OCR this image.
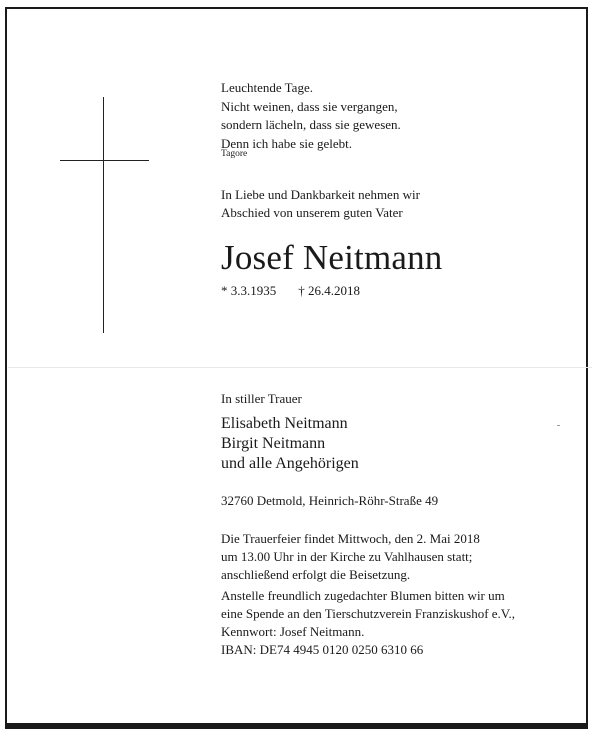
Leuchtende Tage.
Nicht weinen, dass sie vergangen,
sondern lächeln, dass sie gewesen.
Denn ich habe sie gelebt.
Tagore
In Liebe und Dankbarkeit nehmen wir
Abschied von unserem guten Vater
Josef Neitmann
* 3.3.1935 † 26.4.2018
In stiller Trauer
Elisabeth Neitmann
Birgit Neitmann
und alle Angehörigen
32760 Detmold, Heinrich-Röhr-Straße 49
Die Trauerfeier findet Mittwoch, den 2. Mai 2018
um 13.00 Uhr in der Kirche zu Vahlhausen statt;
anschließend erfolgt die Beisetzung.
Anstelle freundlich zugedachter Blumen bitten wir um
eine Spende an den Tierschutzverein Franziskushof e.V.,
Kennwort: Josef Neitmann.
IBAN: DE74 4945 0120 0250 6310 66
